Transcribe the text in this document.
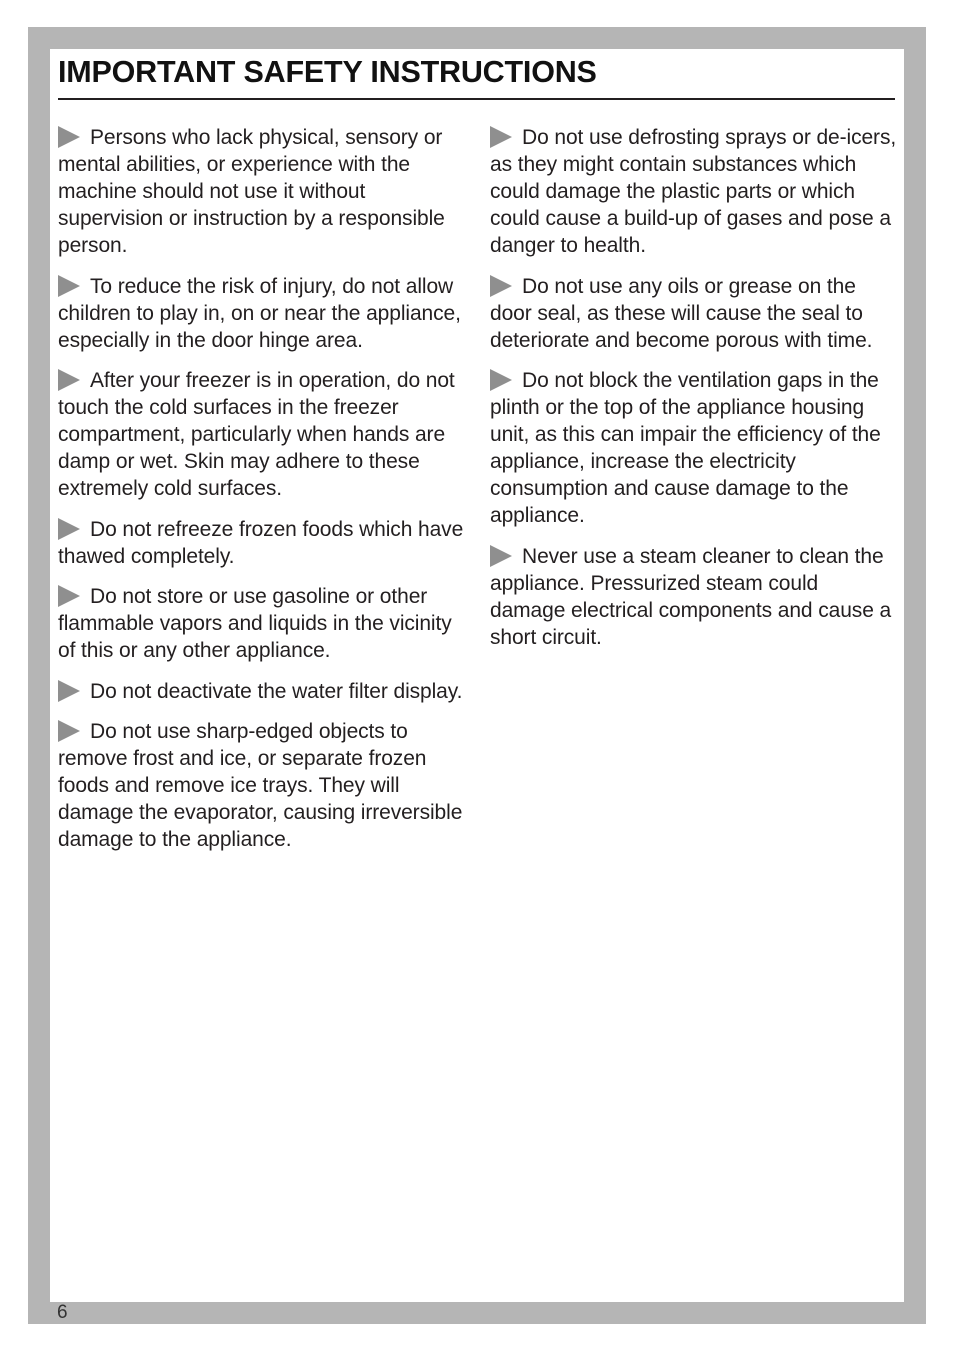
IMPORTANT SAFETY INSTRUCTIONS

Persons who lack physical, sensory or mental abilities, or experience with the machine should not use it without supervision or instruction by a responsible person.

To reduce the risk of injury, do not allow children to play in, on or near the appliance, especially in the door hinge area.

After your freezer is in operation, do not touch the cold surfaces in the freezer compartment, particularly when hands are damp or wet. Skin may adhere to these extremely cold surfaces.

Do not refreeze frozen foods which have thawed completely.

Do not store or use gasoline or other flammable vapors and liquids in the vicinity of this or any other appliance.

Do not deactivate the water filter display.

Do not use sharp-edged objects to remove frost and ice, or separate frozen foods and remove ice trays. They will damage the evaporator, causing irreversible damage to the appliance.

Do not use defrosting sprays or de-icers, as they might contain substances which could damage the plastic parts or which could cause a build-up of gases and pose a danger to health.

Do not use any oils or grease on the door seal, as these will cause the seal to deteriorate and become porous with time.

Do not block the ventilation gaps in the plinth or the top of the appliance housing unit, as this can impair the efficiency of the appliance, increase the electricity consumption and cause damage to the appliance.

Never use a steam cleaner to clean the appliance. Pressurized steam could damage electrical components and cause a short circuit.

6
